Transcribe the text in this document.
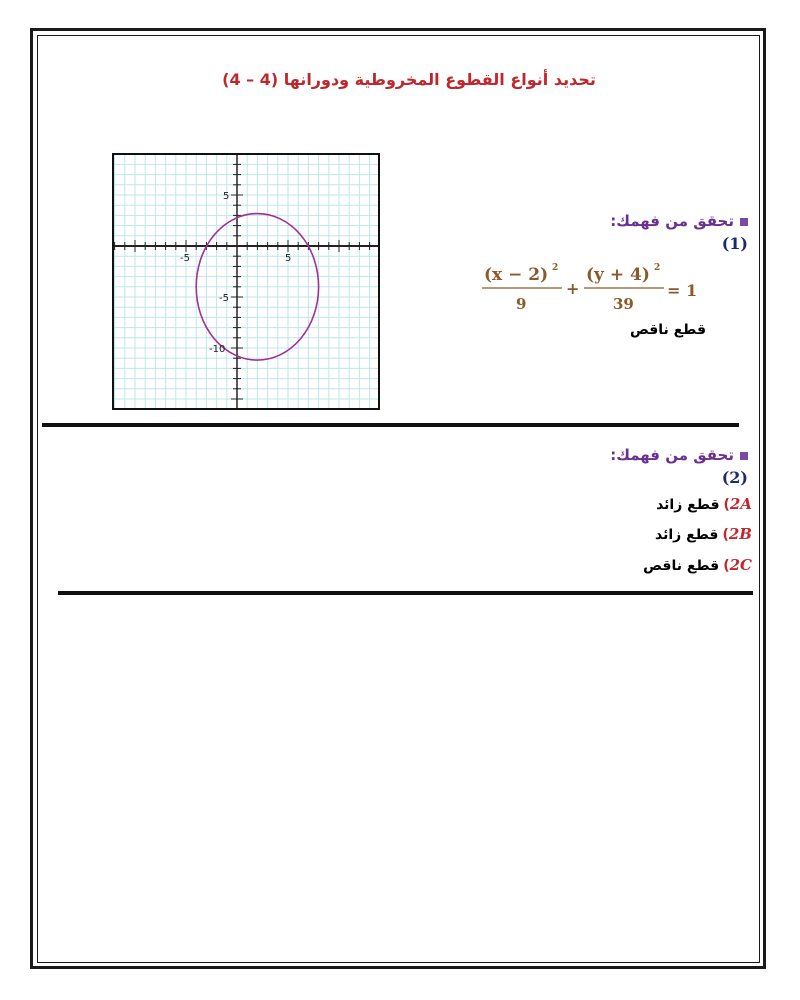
تحديد أنواع القطوع المخروطية ودورانها (4 – 4)
-5	5
5
-5
-10
تحقق من فهمك:
(1)
(x − 2) 2
9
+
(y + 4) 2
39
= 1
قطع ناقص
تحقق من فهمك:
(2)
2A)قطع زائد
2B)قطع زائد
2C)قطع ناقص
